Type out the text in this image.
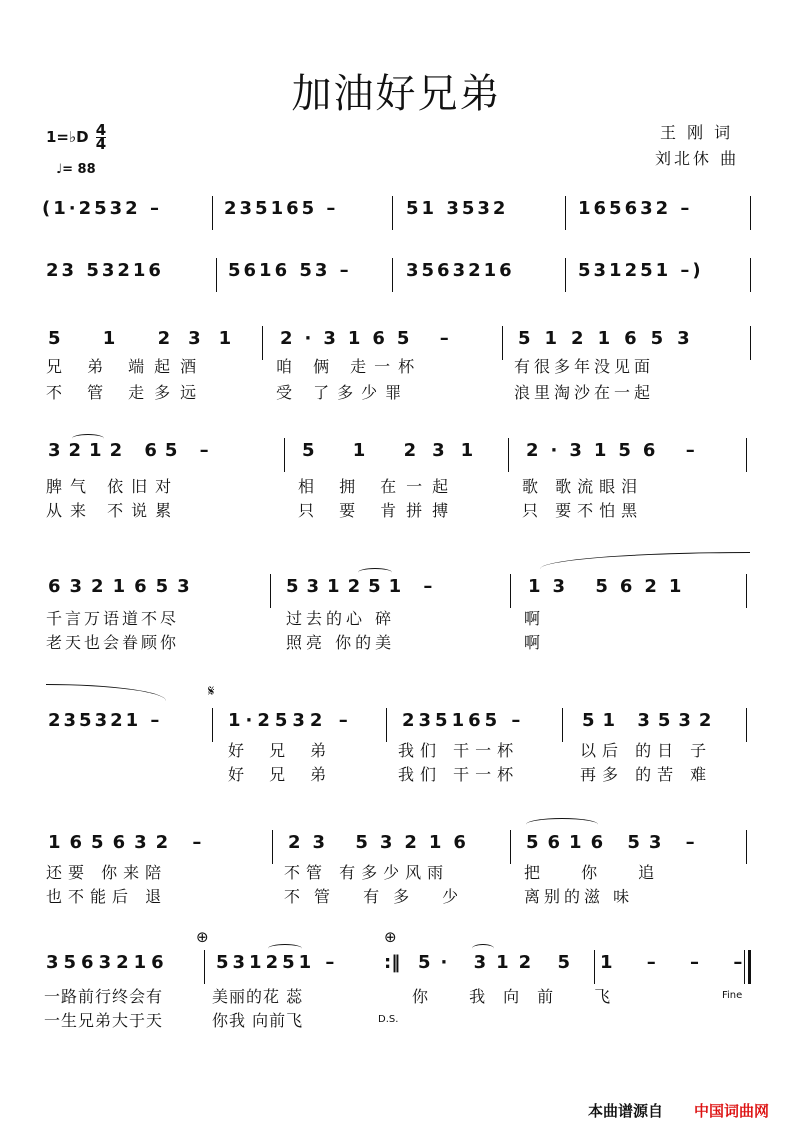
加油好兄弟
1=♭D $\frac{4}{4}$
♩= 88
王 刚 词
刘北休 曲
(1·2532 –	235165 –	51 3532	165632 –
23 53216	5616 53 –	3563216	531251 –)
5 1 231 2·3165 –	5121653
兄 弟 端起酒	咱 俩 走一杯	有很多年没见面
不 管 走多远	受 了多少罪	浪里淘沙在一起
3212 65 –	5 1 231 2·3156 –
脾气 依旧对	相 拥 在一起	歌 歌流眼泪
从来 不说累	只 要 肯拼搏	只 要不怕黑
6321653	531251 –	13 5621
千言万语道不尽	过去的心 碎	啊
老天也会眷顾你	照亮 你的美	啊
𝄋
235321 –	1·2532 –	235165 –	51 3532
好 兄 弟	我们 干一杯	以后 的日 子
好 兄 弟	我们 干一杯	再多 的苦 难
165632 –	23 53216	5616 53 –
还要 你来陪	不管 有多少风雨	把 你 追
也不能后 退	不管 有多 少	离别的滋 味
⊕	⊕
:‖
3563216	531251 –	5· 312 5 1 – – –
一路前行终会有	美丽的花 蕊	你 我向前 飞	Fine
一生兄弟大于天	你我 向前飞	D.S.
本曲谱源自 中国词曲网
